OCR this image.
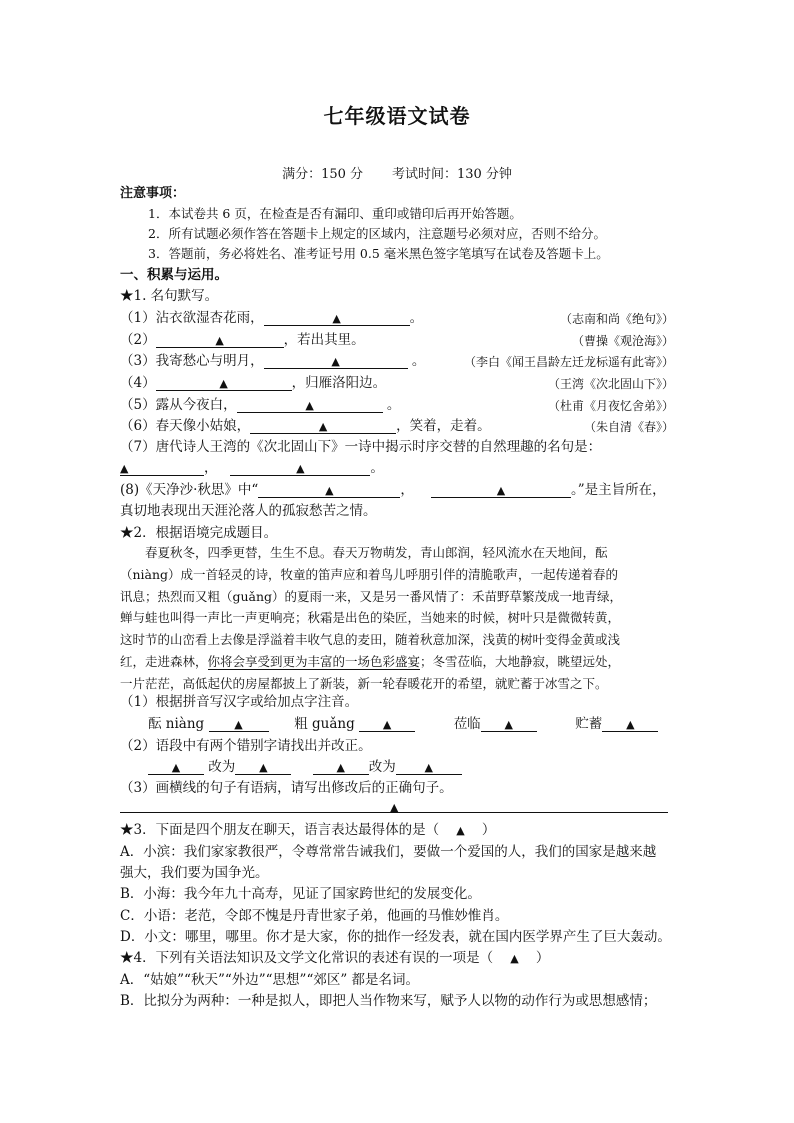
七年级语文试卷
满分：150 分 考试时间：130 分钟
注意事项：
1．本试卷共 6 页，在检查是否有漏印、重印或错印后再开始答题。
2．所有试题必须作答在答题卡上规定的区域内，注意题号必须对应，否则不给分。
3．答题前，务必将姓名、准考证号用 0.5 毫米黑色签字笔填写在试卷及答题卡上。
一、积累与运用。
★1. 名句默写。
（1）沾衣欲湿杏花雨，	▲	。	（志南和尚《绝句》）
（2）	▲	，若出其里。	（曹操《观沧海》）
（3）我寄愁心与明月，	▲	。	（李白《闻王昌龄左迁龙标遥有此寄》）
（4）	▲	，归雁洛阳边。	（王湾《次北固山下》）
（5）露从今夜白，	▲	。	（杜甫《月夜忆舍弟》）
（6）春天像小姑娘，	▲	，笑着，走着。	（朱自清《春》）
（7）唐代诗人王湾的《次北固山下》一诗中揭示时序交替的自然理趣的名句是：
▲	，	▲	。
(8)《天净沙·秋思》中“	▲	，	▲	。”是主旨所在，
真切地表现出天涯沦落人的孤寂愁苦之情。
★2．根据语境完成题目。

　　春夏秋冬，四季更替，生生不息。春天万物萌发，青山郎润，轻风流水在天地间，酝

（niàng）成一首轻灵的诗，牧童的笛声应和着鸟儿呼朋引伴的清脆歌声，一起传递着春的

讯息；热烈而又粗（guǎng）的夏雨一来，又是另一番风情了：禾苗野草繁茂成一地青绿，

蝉与蛙也叫得一声比一声更响亮；秋霜是出色的染匠，当她来的时候，树叶只是微微转黄，

这时节的山峦看上去像是浮溢着丰收气息的麦田，随着秋意加深，浅黄的树叶变得金黄或浅

红，走进森林，你将会享受到更为丰富的一场色彩盛宴；冬雪莅临，大地静寂，眺望远处，

一片茫茫，高低起伏的房屋都披上了新装，新一轮春暖花开的希望，就贮蓄于冰雪之下。

（1）根据拼音写汉字或给加点字注音。
酝 niàng	▲	粗 guǎng	▲	莅临 ▲	贮蓄 ▲
（2）语段中有两个错别字请找出并改正。
▲ 改为 ▲	▲ 改为	▲
（3）画横线的句子有语病，请写出修改后的正确句子。
▲
★3．下面是四个朋友在聊天，语言表达最得体的是（ ▲ ）
A．小滨：我们家家教很严，令尊常常告诫我们，要做一个爱国的人，我们的国家是越来越
强大，我们要为国争光。
B．小海：我今年九十高寿，见证了国家跨世纪的发展变化。
C．小语：老范，令郎不愧是丹青世家子弟，他画的马惟妙惟肖。
D．小文：哪里，哪里。你才是大家，你的拙作一经发表，就在国内医学界产生了巨大轰动。
★4．下列有关语法知识及文学文化常识的表述有误的一项是（ ▲ ）
A．“姑娘”“秋天”“外边”“思想”“郊区” 都是名词。
B．比拟分为两种：一种是拟人，即把人当作物来写，赋予人以物的动作行为或思想感情；
